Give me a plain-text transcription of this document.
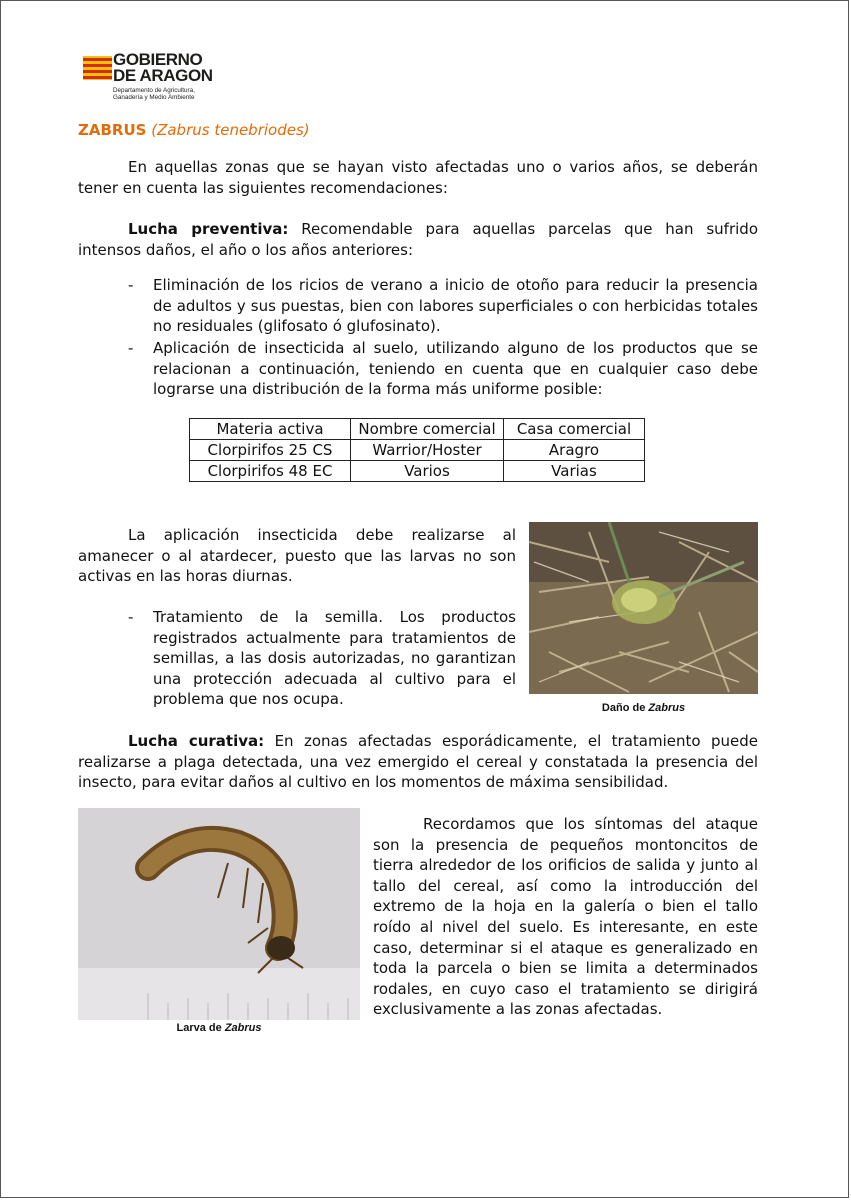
GOBIERNO
DE ARAGON
Departamento de Agricultura,
Ganadería y Medio Ambiente
ZABRUS (Zabrus tenebriodes)
En aquellas zonas que se hayan visto afectadas uno o varios años, se deberán tener en cuenta las siguientes recomendaciones:
Lucha preventiva: Recomendable para aquellas parcelas que han sufrido intensos daños, el año o los años anteriores:
- Eliminación de los ricios de verano a inicio de otoño para reducir la presencia de adultos y sus puestas, bien con labores superficiales o con herbicidas totales no residuales (glifosato ó glufosinato).
- Aplicación de insecticida al suelo, utilizando alguno de los productos que se relacionan a continuación, teniendo en cuenta que en cualquier caso debe lograrse una distribución de la forma más uniforme posible:
Materia activa	Nombre comercial	Casa comercial
Clorpirifos 25 CS	Warrior/Hoster	Aragro
Clorpirifos 48 EC	Varios	Varias
La aplicación insecticida debe realizarse al amanecer o al atardecer, puesto que las larvas no son activas en las horas diurnas.
- Tratamiento de la semilla. Los productos registrados actualmente para tratamientos de semillas, a las dosis autorizadas, no garantizan una protección adecuada al cultivo para el problema que nos ocupa.	Daño de Zabrus
Lucha curativa: En zonas afectadas esporádicamente, el tratamiento puede realizarse a plaga detectada, una vez emergido el cereal y constatada la presencia del insecto, para evitar daños al cultivo en los momentos de máxima sensibilidad.
Larva de Zabrus
Recordamos que los síntomas del ataque son la presencia de pequeños montoncitos de tierra alrededor de los orificios de salida y junto al tallo del cereal, así como la introducción del extremo de la hoja en la galería o bien el tallo roído al nivel del suelo. Es interesante, en este caso, determinar si el ataque es generalizado en toda la parcela o bien se limita a determinados rodales, en cuyo caso el tratamiento se dirigirá exclusivamente a las zonas afectadas.
